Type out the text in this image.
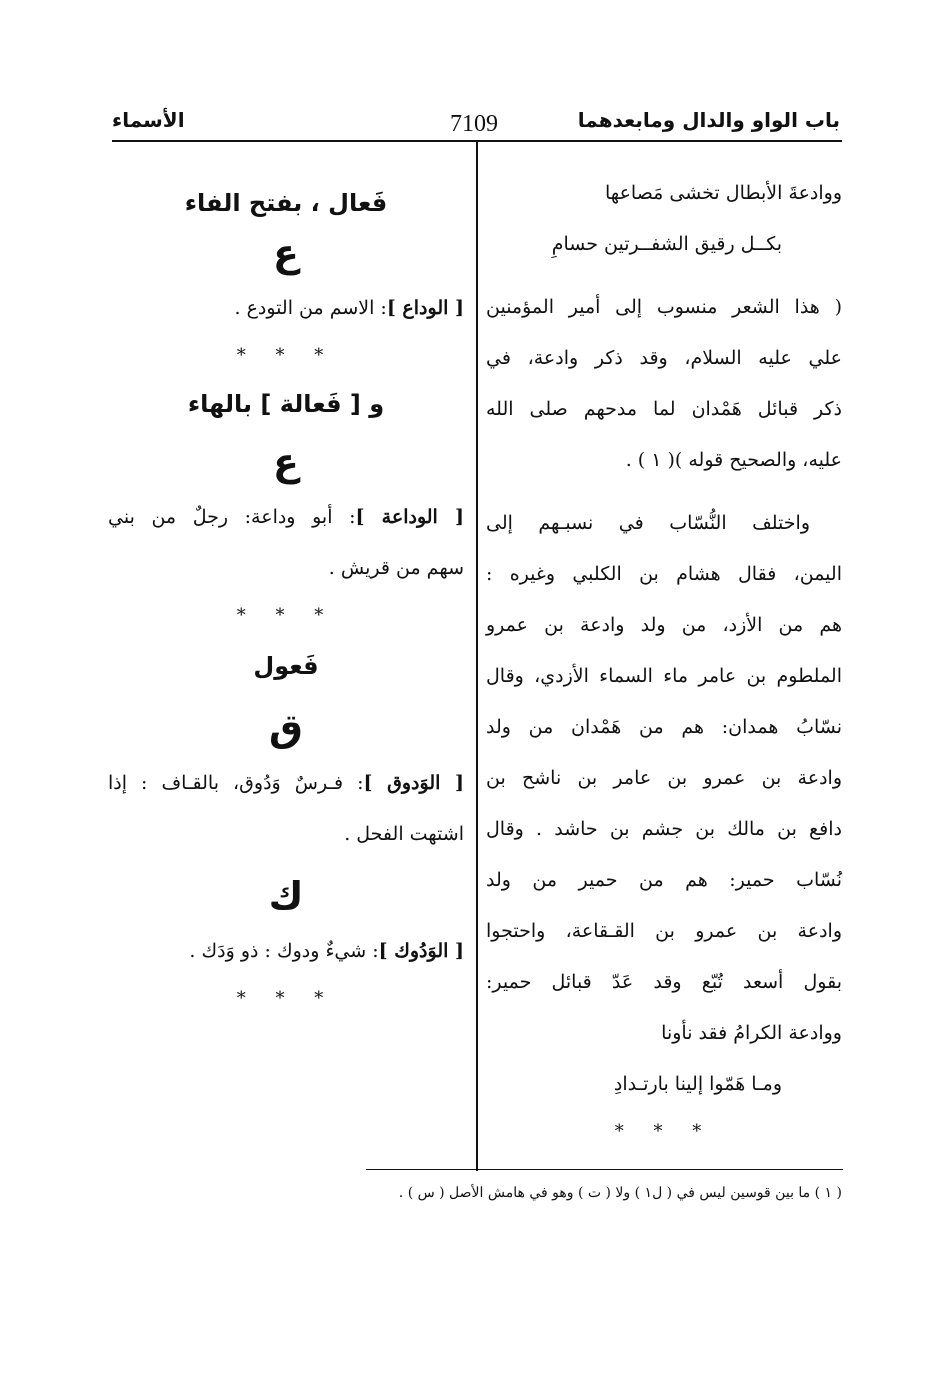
باب الواو والدال ومابعدهما
7109
الأسماء
ووادعةَ الأبطال تخشى مَصاعها
بكــل رقيق الشفــرتين حسامِ
( هذا الشعر منسوب إلى أمير المؤمنين
علي عليه السلام، وقد ذكر وادعة، في
ذكر قبائل هَمْدان لما مدحهم صلى الله
عليه، والصحيح قوله )( ١ ) .
واختلف النُّسّاب في نسبـهم إلى
اليمن، فقال هشام بن الكلبي وغيره :
هم من الأزد، من ولد وادعة بن عمرو
الملطوم بن عامر ماء السماء الأزدي، وقال
نسّابُ همدان: هم من هَمْدان من ولد
وادعة بن عمرو بن عامر بن ناشح بن
دافع بن مالك بن جشم بن حاشد . وقال
نُسّاب حمير: هم من حمير من ولد
وادعة بن عمرو بن القـقاعة، واحتجوا
بقول أسعد تُبّع وقد عَدّ قبائل حمير:
ووادعة الكرامُ فقد نأونا
ومـا هَمّوا إلينا بارتـدادِ
* * *
فَعال ، بفتح الفاء
ع
[ الوداع ]: الاسم من التودع .
* * *
و [ فَعالة ] بالهاء
ع
[ الوداعة ]: أبو وداعة: رجلٌ من بني
سهم من قريش .
* * *
فَعول
ق
[ الوَدوق ]: فـرسٌ وَدُوق، بالقـاف : إذا
اشتهت الفحل .
ك
[ الوَدُوك ]: شيءٌ ودوك : ذو وَدَك .
* * *
( ١ ) ما بين قوسين ليس في ( ل١ ) ولا ( ت ) وهو في هامش الأصل ( س ) .
